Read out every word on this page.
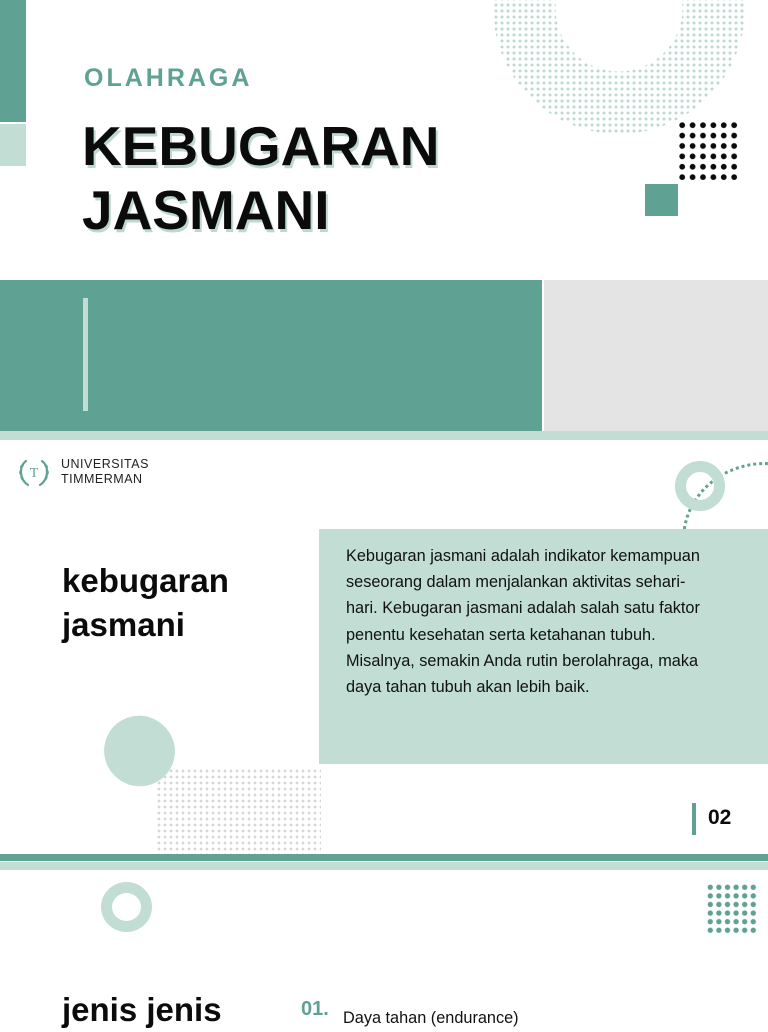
OLAHRAGA
KEBUGARAN
JASMANI
T
UNIVERSITAS
TIMMERMAN
Kebugaran jasmani adalah indikator kemampuan seseorang dalam menjalankan aktivitas sehari-hari. Kebugaran jasmani adalah salah satu faktor penentu kesehatan serta ketahanan tubuh. Misalnya, semakin Anda rutin berolahraga, maka daya tahan tubuh akan lebih baik.
kebugaran
jasmani
02
jenis jenis	01. Daya tahan (endurance)
